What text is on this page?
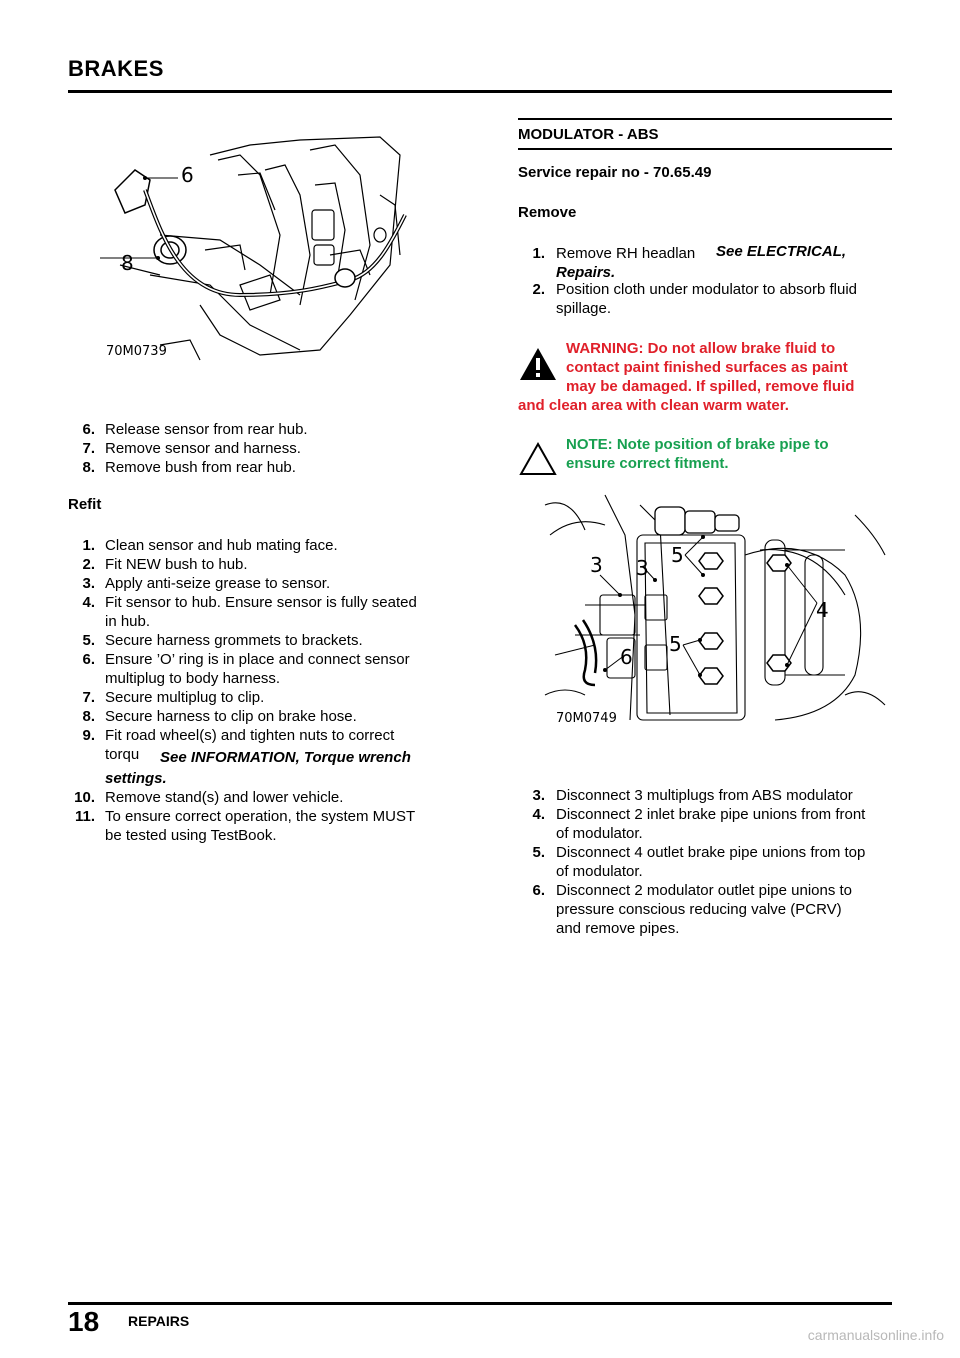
BRAKES
6
8
70M0739
6. Release sensor from rear hub.
7. Remove sensor and harness.
8. Remove bush from rear hub.
Refit
1. Clean sensor and hub mating face.
2. Fit NEW bush to hub.
3. Apply anti-seize grease to sensor.
4. Fit sensor to hub. Ensure sensor is fully seated
in hub.
5. Secure harness grommets to brackets.
6. Ensure ’O’ ring is in place and connect sensor
multiplug to body harness.
7. Secure multiplug to clip.
8. Secure harness to clip on brake hose.
9. Fit road wheel(s) and tighten nuts to correct
torqu See INFORMATION, Torque wrench
settings.
10. Remove stand(s) and lower vehicle.
11. To ensure correct operation, the system MUST
be tested using TestBook.
MODULATOR - ABS
Service repair no - 70.65.49
Remove
1. Remove RH headlan See ELECTRICAL,
Repairs.
2. Position cloth under modulator to absorb fluid
spillage.
WARNING: Do not allow brake fluid to
contact paint finished surfaces as paint
may be damaged. If spilled, remove fluid
and clean area with clean warm water.
NOTE: Note position of brake pipe to
ensure correct fitment.
3 3
5
4
5
6
70M0749
3. Disconnect 3 multiplugs from ABS modulator
4. Disconnect 2 inlet brake pipe unions from front
of modulator.
5. Disconnect 4 outlet brake pipe unions from top
of modulator.
6. Disconnect 2 modulator outlet pipe unions to
pressure conscious reducing valve (PCRV)
and remove pipes.
18 REPAIRS
carmanualsonline.info
